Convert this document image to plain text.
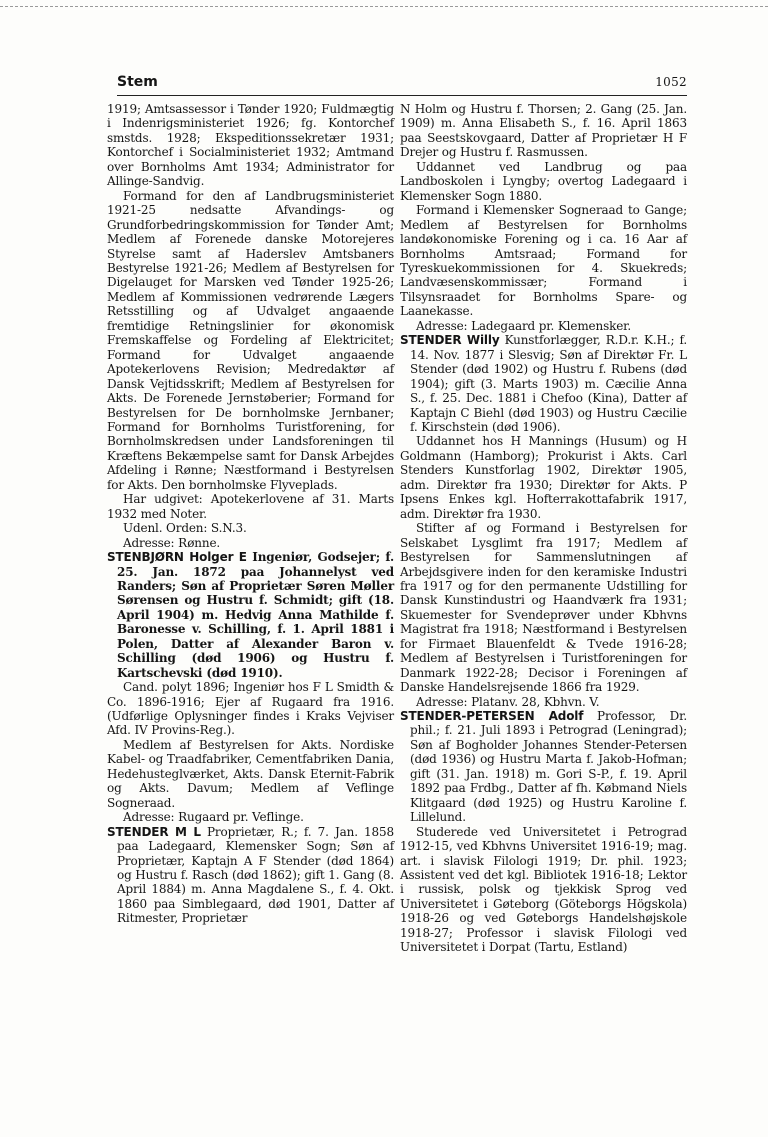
Stem	1052

1919; Amtsassessor i Tønder 1920; Fuldmægtig i Indenrigsministeriet 1926; fg. Kontorchef smstds. 1928; Ekspeditionssekretær 1931; Kontorchef i Socialministeriet 1932; Amtmand over Bornholms Amt 1934; Administrator for Allinge-Sandvig.

Formand for den af Landbrugsministeriet 1921-25 nedsatte Afvandings- og Grundforbedringskommission for Tønder Amt; Medlem af Forenede danske Motorejeres Styrelse samt af Haderslev Amtsbaners Bestyrelse 1921-26; Medlem af Bestyrelsen for Digelauget for Marsken ved Tønder 1925-26; Medlem af Kommissionen vedrørende Lægers Retsstilling og af Udvalget angaaende fremtidige Retningslinier for økonomisk Fremskaffelse og Fordeling af Elektricitet; Formand for Udvalget angaaende Apotekerlovens Revision; Medredaktør af Dansk Vejtidsskrift; Medlem af Bestyrelsen for Akts. De Forenede Jernstøberier; Formand for Bestyrelsen for De bornholmske Jernbaner; Formand for Bornholms Turistforening, for Bornholmskredsen under Landsforeningen til Kræftens Bekæmpelse samt for Dansk Arbejdes Afdeling i Rønne; Næstformand i Bestyrelsen for Akts. Den bornholmske Flyveplads.

Har udgivet: Apotekerlovene af 31. Marts 1932 med Noter.

Udenl. Orden: S.N.3.

Adresse: Rønne.

STENBJØRN Holger E Ingeniør, Godsejer; f. 25. Jan. 1872 paa Johannelyst ved Randers; Søn af Proprietær Søren Møller Sørensen og Hustru f. Schmidt; gift (18. April 1904) m. Hedvig Anna Mathilde f. Baronesse v. Schilling, f. 1. April 1881 i Polen, Datter af Alexander Baron v. Schilling (død 1906) og Hustru f. Kartschevski (død 1910).

Cand. polyt 1896; Ingeniør hos F L Smidth & Co. 1896-1916; Ejer af Rugaard fra 1916. (Udførlige Oplysninger findes i Kraks Vejviser Afd. IV Provins-Reg.).

Medlem af Bestyrelsen for Akts. Nordiske Kabel- og Traadfabriker, Cementfabriken Dania, Hedehusteglværket, Akts. Dansk Eternit-Fabrik og Akts. Davum; Medlem af Veflinge Sogneraad.

Adresse: Rugaard pr. Veflinge.

STENDER M L Proprietær, R.; f. 7. Jan. 1858 paa Ladegaard, Klemensker Sogn; Søn af Proprietær, Kaptajn A F Stender (død 1864) og Hustru f. Rasch (død 1862); gift 1. Gang (8. April 1884) m. Anna Magdalene S., f. 4. Okt. 1860 paa Simblegaard, død 1901, Datter af Ritmester, Proprietær

N Holm og Hustru f. Thorsen; 2. Gang (25. Jan. 1909) m. Anna Elisabeth S., f. 16. April 1863 paa Seestskovgaard, Datter af Proprietær H F Drejer og Hustru f. Rasmussen.

Uddannet ved Landbrug og paa Landboskolen i Lyngby; overtog Ladegaard i Klemensker Sogn 1880.

Formand i Klemensker Sogneraad to Gange; Medlem af Bestyrelsen for Bornholms landøkonomiske Forening og i ca. 16 Aar af Bornholms Amtsraad; Formand for Tyreskuekommissionen for 4. Skuekreds; Landvæsenskommissær; Formand i Tilsynsraadet for Bornholms Spare- og Laanekasse.

Adresse: Ladegaard pr. Klemensker.

STENDER Willy Kunstforlægger, R.D.r. K.H.; f. 14. Nov. 1877 i Slesvig; Søn af Direktør Fr. L Stender (død 1902) og Hustru f. Rubens (død 1904); gift (3. Marts 1903) m. Cæcilie Anna S., f. 25. Dec. 1881 i Chefoo (Kina), Datter af Kaptajn C Biehl (død 1903) og Hustru Cæcilie f. Kirschstein (død 1906).

Uddannet hos H Mannings (Husum) og H Goldmann (Hamborg); Prokurist i Akts. Carl Stenders Kunstforlag 1902, Direktør 1905, adm. Direktør fra 1930; Direktør for Akts. P Ipsens Enkes kgl. Hofterrakottafabrik 1917, adm. Direktør fra 1930.

Stifter af og Formand i Bestyrelsen for Selskabet Lysglimt fra 1917; Medlem af Bestyrelsen for Sammenslutningen af Arbejdsgivere inden for den keramiske Industri fra 1917 og for den permanente Udstilling for Dansk Kunstindustri og Haandværk fra 1931; Skuemester for Svendeprøver under Kbhvns Magistrat fra 1918; Næstformand i Bestyrelsen for Firmaet Blauenfeldt & Tvede 1916-28; Medlem af Bestyrelsen i Turistforeningen for Danmark 1922-28; Decisor i Foreningen af Danske Handelsrejsende 1866 fra 1929.

Adresse: Platanv. 28, Kbhvn. V.

STENDER-PETERSEN Adolf Professor, Dr. phil.; f. 21. Juli 1893 i Petrograd (Leningrad); Søn af Bogholder Johannes Stender-Petersen (død 1936) og Hustru Marta f. Jakob-Hofman; gift (31. Jan. 1918) m. Gori S-P., f. 19. April 1892 paa Frdbg., Datter af fh. Købmand Niels Klitgaard (død 1925) og Hustru Karoline f. Lillelund.

Studerede ved Universitetet i Petrograd 1912-15, ved Kbhvns Universitet 1916-19; mag. art. i slavisk Filologi 1919; Dr. phil. 1923; Assistent ved det kgl. Bibliotek 1916-18; Lektor i russisk, polsk og tjekkisk Sprog ved Universitetet i Gøteborg (Göteborgs Högskola) 1918-26 og ved Gøteborgs Handelshøjskole 1918-27; Professor i slavisk Filologi ved Universitetet i Dorpat (Tartu, Estland)
